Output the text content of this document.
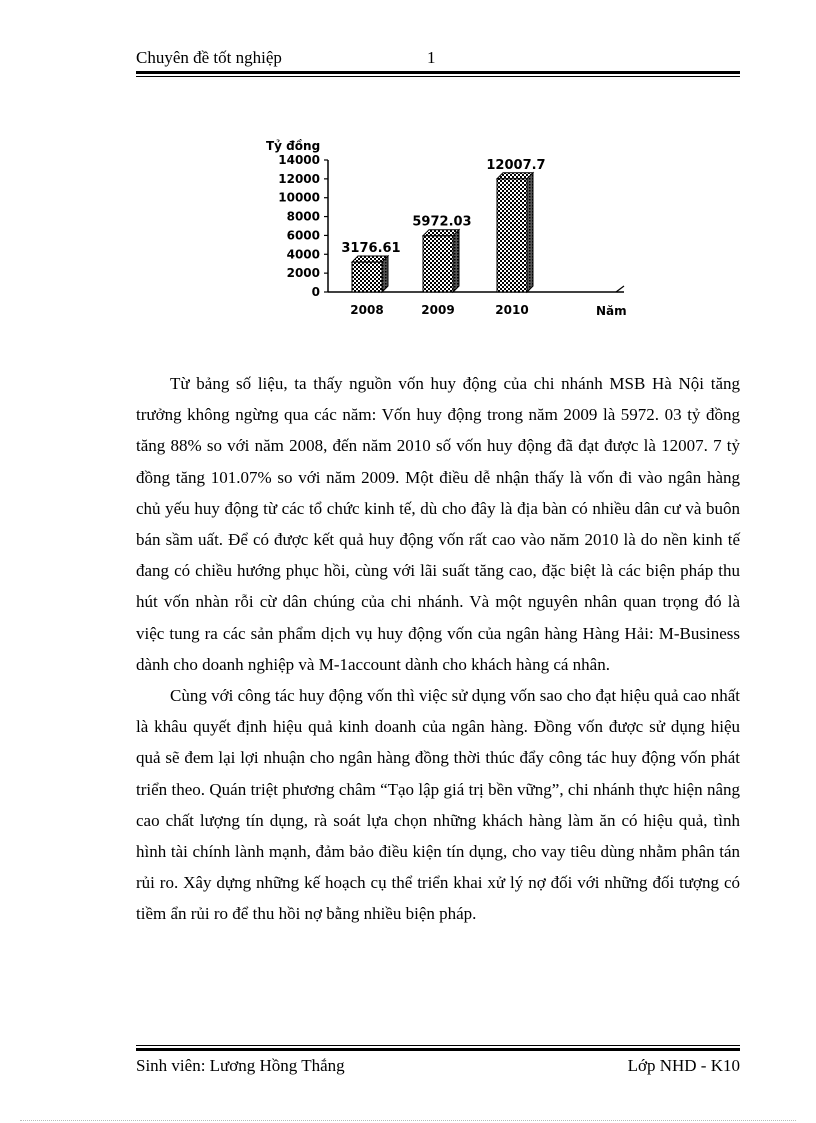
Chuyên đề tốt nghiệp	1
Tỷ đồng
Năm
0
2000
4000
6000
8000
10000
12000
14000
3176.61
2008
5972.03
2009
12007.7
2010

Từ bảng số liệu, ta thấy nguồn vốn huy động của chi nhánh MSB Hà Nội tăng trưởng không ngừng qua các năm: Vốn huy động trong năm 2009 là 5972. 03 tỷ đồng tăng 88% so với năm 2008, đến năm 2010 số vốn huy động đã đạt được là 12007. 7 tỷ đồng tăng 101.07% so với năm 2009. Một điều dễ nhận thấy là vốn đi vào ngân hàng chủ yếu huy động từ các tổ chức kinh tế, dù cho đây là địa bàn có nhiều dân cư và buôn bán sầm uất. Để có được kết quả huy động vốn rất cao vào năm 2010 là do nền kinh tế đang có chiều hướng phục hồi, cùng với lãi suất tăng cao, đặc biệt là các biện pháp thu hút vốn nhàn rỗi cừ dân chúng của chi nhánh. Và một nguyên nhân quan trọng đó là việc tung ra các sản phẩm dịch vụ huy động vốn của ngân hàng Hàng Hải: M-Business dành cho doanh nghiệp và M-1account dành cho khách hàng cá nhân.

Cùng với công tác huy động vốn thì việc sử dụng vốn sao cho đạt hiệu quả cao nhất là khâu quyết định hiệu quả kinh doanh của ngân hàng. Đồng vốn được sử dụng hiệu quả sẽ đem lại lợi nhuận cho ngân hàng đồng thời thúc đẩy công tác huy động vốn phát triển theo. Quán triệt phương châm “Tạo lập giá trị bền vững”, chi nhánh thực hiện nâng cao chất lượng tín dụng, rà soát lựa chọn những khách hàng làm ăn có hiệu quả, tình hình tài chính lành mạnh, đảm bảo điều kiện tín dụng, cho vay tiêu dùng nhằm phân tán rủi ro. Xây dựng những kế hoạch cụ thể triển khai xử lý nợ đối với những đối tượng có tiềm ẩn rủi ro để thu hồi nợ bằng nhiều biện pháp.

Sinh viên: Lương Hồng Thắng	Lớp NHD - K10
